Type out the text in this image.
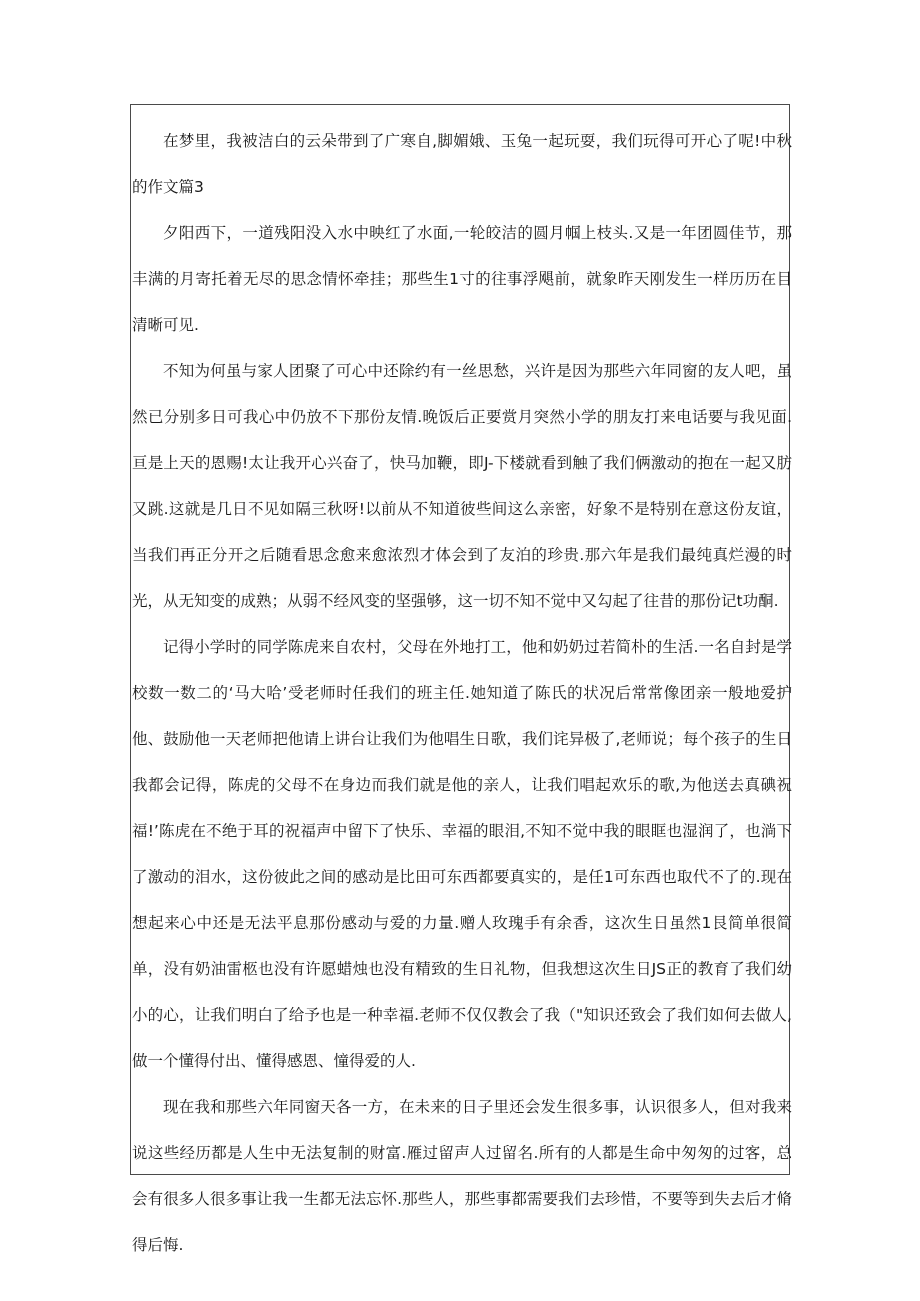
在梦里，我被洁白的云朵带到了广寒自,脚媚娥、玉兔一起玩耍，我们玩得可开心了呢!中秋的作文篇3

夕阳西下，一道残阳没入水中映红了水面,一轮皎洁的圆月帼上枝头.又是一年团圆佳节，那丰满的月寄托着无尽的思念情怀牵挂；那些生1寸的往事浮飓前，就象昨天刚发生一样历历在目清晰可见.

不知为何虽与家人团聚了可心中还除约有一丝思愁，兴许是因为那些六年同窗的友人吧，虽然已分别多日可我心中仍放不下那份友情.晚饭后正要赏月突然小学的朋友打来电话要与我见面.亘是上天的恩赐!太让我开心兴奋了，快马加鞭，即J-下楼就看到触了我们俩激动的抱在一起又肪又跳.这就是几日不见如隔三秋呀!以前从不知道彼些间这么亲密，好象不是特别在意这份友谊，当我们再正分开之后随看思念愈来愈浓烈才体会到了友泊的珍贵.那六年是我们最纯真烂漫的时光，从无知变的成熟；从弱不经风变的坚强够，这一切不知不觉中又勾起了往昔的那份记t功酮.

记得小学时的同学陈虎来自农村，父母在外地打工，他和奶奶过若简朴的生活.一名自封是学校数一数二的‘马大哈’受老师时任我们的班主任.她知道了陈氏的状况后常常像团亲一般地爱护他、鼓励他一天老师把他请上讲台让我们为他唱生日歌，我们诧异极了,老师说；每个孩子的生日我都会记得，陈虎的父母不在身边而我们就是他的亲人，让我们唱起欢乐的歌,为他送去真碘祝福!’陈虎在不绝于耳的祝福声中留下了快乐、幸福的眼泪,不知不觉中我的眼眶也湿润了，也淌下了激动的泪水，这份彼此之间的感动是比田可东西都要真实的，是任1可东西也取代不了的.现在想起来心中还是无法平息那份感动与爱的力量.赠人玫瑰手有余香，这次生日虽然1艮简单很简单，没有奶油雷柩也没有许愿蜡烛也没有精致的生日礼物，但我想这次生日JS正的教育了我们幼小的心，让我们明白了给予也是一种幸福.老师不仅仅教会了我（"知识还致会了我们如何去做人,做一个懂得付出、懂得感恩、憧得爱的人.

现在我和那些六年同窗天各一方，在未来的日子里还会发生很多事，认识很多人，但对我来说这些经历都是人生中无法复制的财富.雁过留声人过留名.所有的人都是生命中匆匆的过客，总会有很多人很多事让我一生都无法忘怀.那些人，那些事都需要我们去珍惜，不要等到失去后才脩得后悔.
